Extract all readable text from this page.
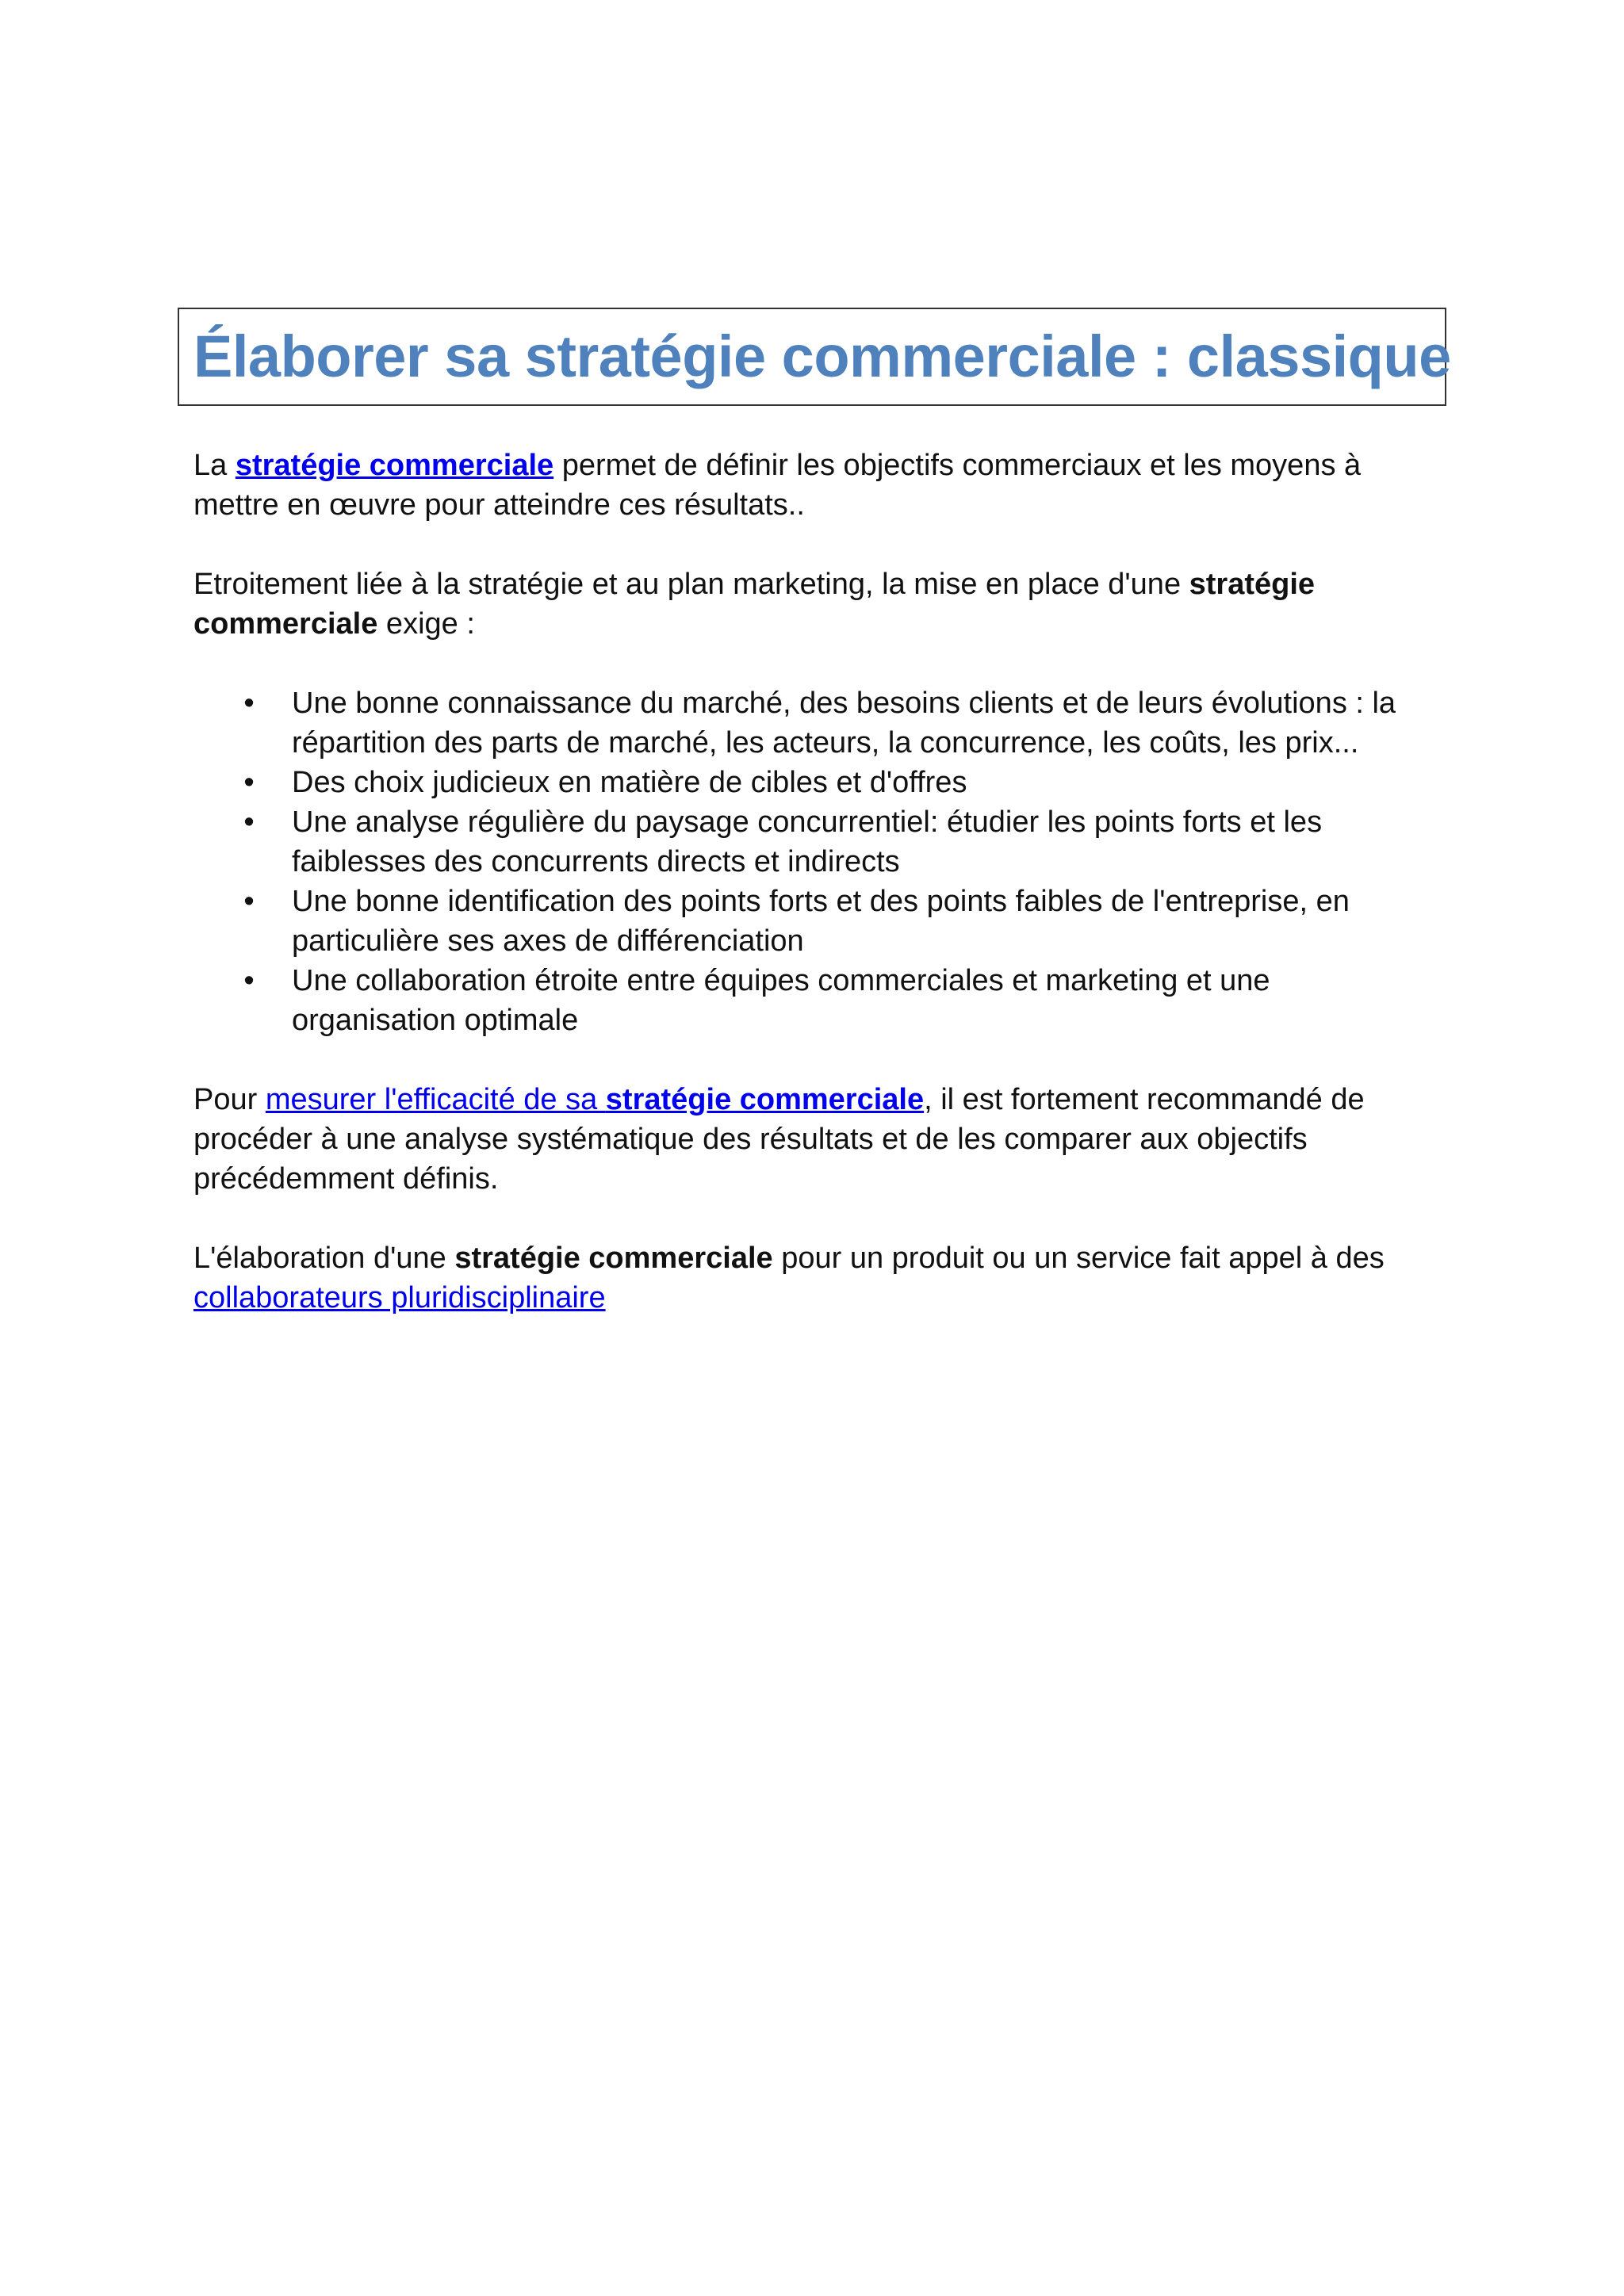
Élaborer sa stratégie commerciale : classique

La stratégie commerciale permet de définir les objectifs commerciaux et les moyens à mettre en œuvre pour atteindre ces résultats..

Etroitement liée à la stratégie et au plan marketing, la mise en place d'une stratégie commerciale exige :

• Une bonne connaissance du marché, des besoins clients et de leurs évolutions : la répartition des parts de marché, les acteurs, la concurrence, les coûts, les prix...
• Des choix judicieux en matière de cibles et d'offres
• Une analyse régulière du paysage concurrentiel: étudier les points forts et les faiblesses des concurrents directs et indirects
• Une bonne identification des points forts et des points faibles de l'entreprise, en particulière ses axes de différenciation
• Une collaboration étroite entre équipes commerciales et marketing et une organisation optimale

Pour mesurer l'efficacité de sa stratégie commerciale, il est fortement recommandé de procéder à une analyse systématique des résultats et de les comparer aux objectifs précédemment définis.

L'élaboration d'une stratégie commerciale pour un produit ou un service fait appel à des collaborateurs pluridisciplinaire
